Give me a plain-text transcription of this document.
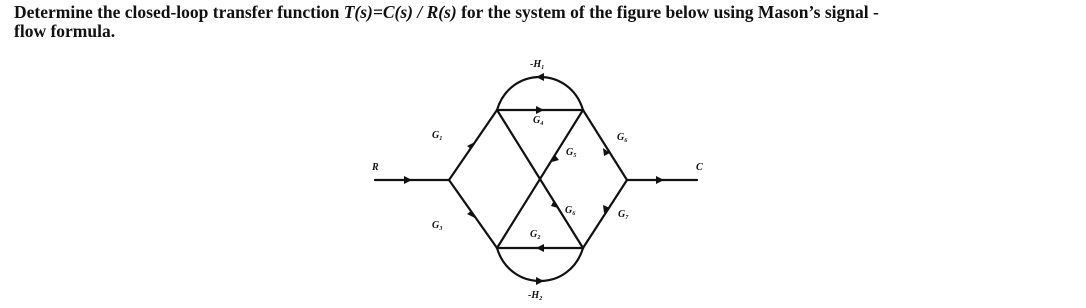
Determine the closed-loop transfer function T(s)=C(s) / R(s) for the system of the figure below using Mason’s signal -
flow formula.

R	C
G₁
G₃
-H₁
G₄
G₅
G₆
G₆
G₂
G₇
-H₂
